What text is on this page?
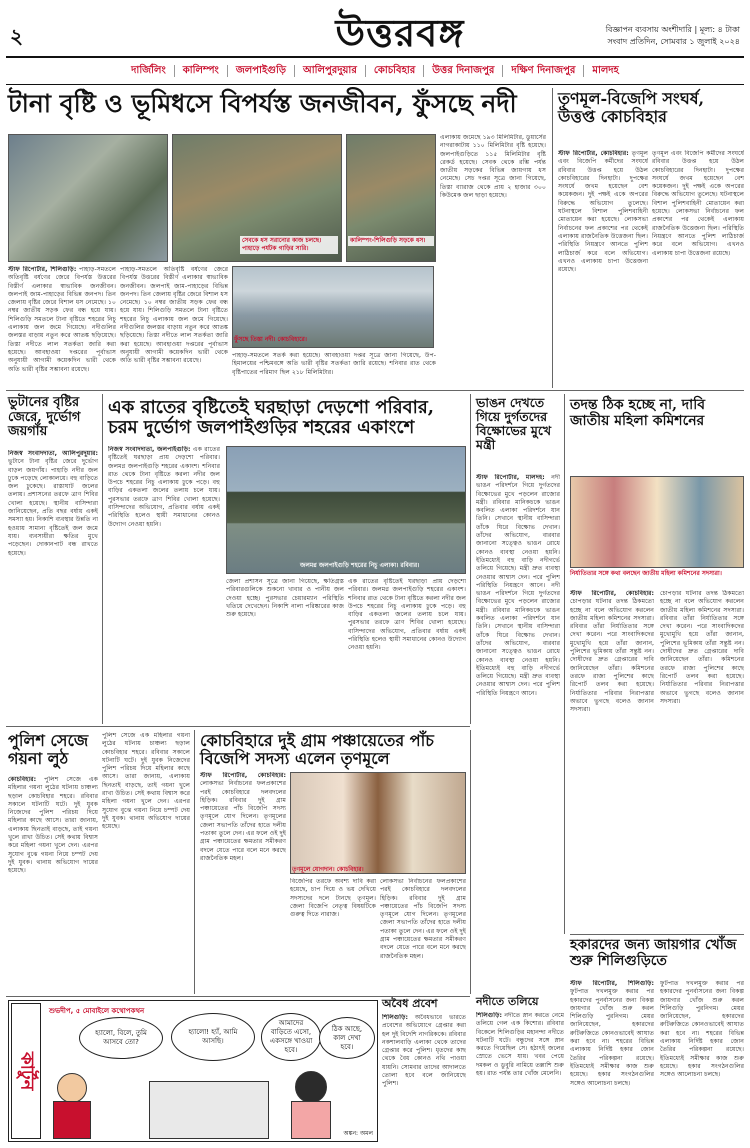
২	উত্তরবঙ্গ	বিজ্ঞাপন ব্যবসায় অংশীদারি | মূল্য: ৪ টাকা
সংবাদ প্রতিদিন, সোমবার ১ জুলাই ২০২৪
দার্জিলিং	কালিম্পং	জলপাইগুড়ি	আলিপুরদুয়ার	কোচবিহার	উত্তর দিনাজপুর	দক্ষিণ দিনাজপুর	মালদহ
টানা বৃষ্টি ও ভূমিধসে বিপর্যস্ত জনজীবন, ফুঁসছে নদী
সেবকে ধস সরানোর কাজ চলছে। পাহাড়ে পর্যটক গাড়ির সারি।
কালিম্পং-শিলিগুড়ি সড়কে ধস।
ফুঁসছে তিস্তা নদী। কোচবিহারে।
স্টাফ রিপোর্টার, শিলিগুড়ি: পাহাড়-সমতলে অতিবৃষ্টি বর্ষণের জেরে বিপর্যস্ত উত্তরের বিস্তীর্ণ এলাকার স্বাভাবিক জনজীবন। জলপাই জাম-পাহাড়ের বিভিন্ন জনপদ। তিন জেলায় বৃষ্টির জেরে বিশাল ধস নেমেছে। ১০ নম্বর জাতীয় সড়ক ফের বন্ধ হয়ে যায়। শিলিগুড়ি সমতলে টানা বৃষ্টিতে শহরের নিচু এলাকায় জল জমে গিয়েছে। নদীগুলির জলস্তর বাড়ায় নতুন করে আতঙ্ক ছড়িয়েছে। তিস্তা নদীতে লাল সতর্কতা জারি করা হয়েছে। আবহাওয়া দপ্তরের পূর্বাভাস অনুযায়ী আগামী কয়েকদিন ভারী থেকে অতি ভারী বৃষ্টির সম্ভাবনা রয়েছে।
পাহাড়-সমতলে অতিবৃষ্টি বর্ষণের জেরে বিপর্যস্ত উত্তরের বিস্তীর্ণ এলাকার স্বাভাবিক জনজীবন। জলপাই জাম-পাহাড়ের বিভিন্ন জনপদ। তিন জেলায় বৃষ্টির জেরে বিশাল ধস নেমেছে। ১০ নম্বর জাতীয় সড়ক ফের বন্ধ হয়ে যায়। শিলিগুড়ি সমতলে টানা বৃষ্টিতে শহরের নিচু এলাকায় জল জমে গিয়েছে। নদীগুলির জলস্তর বাড়ায় নতুন করে আতঙ্ক ছড়িয়েছে। তিস্তা নদীতে লাল সতর্কতা জারি করা হয়েছে। আবহাওয়া দপ্তরের পূর্বাভাস অনুযায়ী আগামী কয়েকদিন ভারী থেকে অতি ভারী বৃষ্টির সম্ভাবনা রয়েছে।
এলাকায় জমেছে ১৯৩ মিলিমিটার, ডুয়ার্সের নাগরাকাটায় ১১০ মিলিমিটার বৃষ্টি হয়েছে। জলপাইগুড়িতে ১১৫ মিলিমিটার বৃষ্টি রেকর্ড হয়েছে। সেবক থেকে রম্ভি পর্যন্ত জাতীয় সড়কের বিভিন্ন জায়গায় ধস নেমেছে। সেচ দপ্তর সূত্রে জানা গিয়েছে, তিস্তা ব্যারাজ থেকে প্রায় ২ হাজার ৩০০ কিউমেক জল ছাড়া হয়েছে।
পাহাড়-সমতলে সতর্ক করা হয়েছে। আবহাওয়া দপ্তর সূত্রে জানা গিয়েছে, উপ-হিমালয়ের পশ্চিমবঙ্গে অতি ভারী বৃষ্টির সতর্কতা জারি রয়েছে। শনিবার রাত থেকে বৃষ্টিপাতের পরিমাণ ছিল ২১৮ মিলিমিটার।
তৃণমূল-বিজেপি সংঘর্ষ, উত্তপ্ত কোচবিহার
স্টাফ রিপোর্টার, কোচবিহার: তৃণমূল এবং বিজেপি কর্মীদের সংঘর্ষে রবিবার উত্তপ্ত হয়ে উঠল কোচবিহারের দিনহাটা। দুপক্ষের সংঘর্ষে জখম হয়েছেন বেশ কয়েকজন। দুই পক্ষই একে অপরের বিরুদ্ধে অভিযোগ তুলেছে। ঘটনাস্থলে বিশাল পুলিশবাহিনী মোতায়েন করা হয়েছে। লোকসভা নির্বাচনের ফল প্রকাশের পর থেকেই এলাকায় রাজনৈতিক উত্তেজনা ছিল। পরিস্থিতি নিয়ন্ত্রণে আনতে পুলিশ লাঠিচার্জ করে বলে অভিযোগ। এখনও এলাকায় চাপা উত্তেজনা রয়েছে।
তৃণমূল এবং বিজেপি কর্মীদের সংঘর্ষে রবিবার উত্তপ্ত হয়ে উঠল কোচবিহারের দিনহাটা। দুপক্ষের সংঘর্ষে জখম হয়েছেন বেশ কয়েকজন। দুই পক্ষই একে অপরের বিরুদ্ধে অভিযোগ তুলেছে। ঘটনাস্থলে বিশাল পুলিশবাহিনী মোতায়েন করা হয়েছে। লোকসভা নির্বাচনের ফল প্রকাশের পর থেকেই এলাকায় রাজনৈতিক উত্তেজনা ছিল। পরিস্থিতি নিয়ন্ত্রণে আনতে পুলিশ লাঠিচার্জ করে বলে অভিযোগ। এখনও এলাকায় চাপা উত্তেজনা রয়েছে।
ভুটানের বৃষ্টির জেরে, দুর্ভোগ জয়গাঁয়
নিজস্ব সংবাদদাতা, আলিপুরদুয়ার: ভুটানে টানা বৃষ্টির জেরে দুর্ভোগ বাড়ল জয়গাঁয়। পাহাড়ি নদীর জল ঢুকে পড়েছে লোকালয়ে। বহু বাড়িতে জল ঢুকেছে। রাস্তাঘাট জলের তলায়। প্রশাসনের তরফে ত্রাণ শিবির খোলা হয়েছে। স্থানীয় বাসিন্দারা জানিয়েছেন, প্রতি বছর বর্ষায় একই সমস্যা হয়। নিকাশি ব্যবস্থার উন্নতি না হওয়ায় সামান্য বৃষ্টিতেই জল জমে যায়। ব্যবসায়ীরা ক্ষতির মুখে পড়েছেন। দোকানপাট বন্ধ রাখতে হয়েছে।
এক রাতের বৃষ্টিতেই ঘরছাড়া দেড়শো পরিবার, চরম দুর্ভোগ জলপাইগুড়ির শহরের একাংশে
নিজস্ব সংবাদদাতা, জলপাইগুড়ি: এক রাতের বৃষ্টিতেই ঘরছাড়া প্রায় দেড়শো পরিবার। জলমগ্ন জলপাইগুড়ি শহরের একাংশ। শনিবার রাত থেকে টানা বৃষ্টিতে করলা নদীর জল উপচে শহরের নিচু এলাকায় ঢুকে পড়ে। বহু বাড়ির একতলা জলের তলায় চলে যায়। পুরসভার তরফে ত্রাণ শিবির খোলা হয়েছে। বাসিন্দাদের অভিযোগ, প্রতিবার বর্ষায় একই পরিস্থিতি হলেও স্থায়ী সমাধানের কোনও উদ্যোগ নেওয়া হয়নি।
জলমগ্ন জলপাইগুড়ি শহরের নিচু এলাকা। রবিবার।
জেলা প্রশাসন সূত্রে জানা গিয়েছে, ক্ষতিগ্রস্ত পরিবারগুলিকে শুকনো খাবার ও পানীয় জল দেওয়া হচ্ছে। পুরসভার চেয়ারম্যান পরিস্থিতি খতিয়ে দেখেছেন। নিকাশি নালা পরিষ্কারের কাজ শুরু হয়েছে।
এক রাতের বৃষ্টিতেই ঘরছাড়া প্রায় দেড়শো পরিবার। জলমগ্ন জলপাইগুড়ি শহরের একাংশ। শনিবার রাত থেকে টানা বৃষ্টিতে করলা নদীর জল উপচে শহরের নিচু এলাকায় ঢুকে পড়ে। বহু বাড়ির একতলা জলের তলায় চলে যায়। পুরসভার তরফে ত্রাণ শিবির খোলা হয়েছে। বাসিন্দাদের অভিযোগ, প্রতিবার বর্ষায় একই পরিস্থিতি হলেও স্থায়ী সমাধানের কোনও উদ্যোগ নেওয়া হয়নি।
ভাঙন দেখতে গিয়ে দুর্গতদের বিক্ষোভের মুখে মন্ত্রী
স্টাফ রিপোর্টার, মালদহ: নদী ভাঙন পরিদর্শনে গিয়ে দুর্গতদের বিক্ষোভের মুখে পড়লেন রাজ্যের মন্ত্রী। রবিবার মানিকচকে ভাঙন কবলিত এলাকা পরিদর্শনে যান তিনি। সেখানে স্থানীয় বাসিন্দারা তাঁকে ঘিরে বিক্ষোভ দেখান। তাঁদের অভিযোগ, বারবার জানানো সত্ত্বেও ভাঙন রোধে কোনও ব্যবস্থা নেওয়া হয়নি। ইতিমধ্যেই বহু বাড়ি নদীগর্ভে তলিয়ে গিয়েছে। মন্ত্রী দ্রুত ব্যবস্থা নেওয়ার আশ্বাস দেন। পরে পুলিশ পরিস্থিতি নিয়ন্ত্রণে আনে। নদী ভাঙন পরিদর্শনে গিয়ে দুর্গতদের বিক্ষোভের মুখে পড়লেন রাজ্যের মন্ত্রী। রবিবার মানিকচকে ভাঙন কবলিত এলাকা পরিদর্শনে যান তিনি। সেখানে স্থানীয় বাসিন্দারা তাঁকে ঘিরে বিক্ষোভ দেখান। তাঁদের অভিযোগ, বারবার জানানো সত্ত্বেও ভাঙন রোধে কোনও ব্যবস্থা নেওয়া হয়নি। ইতিমধ্যেই বহু বাড়ি নদীগর্ভে তলিয়ে গিয়েছে। মন্ত্রী দ্রুত ব্যবস্থা নেওয়ার আশ্বাস দেন। পরে পুলিশ পরিস্থিতি নিয়ন্ত্রণে আনে।
তদন্ত ঠিক হচ্ছে না, দাবি জাতীয় মহিলা কমিশনের
নির্যাতিতার সঙ্গে কথা বলছেন জাতীয় মহিলা কমিশনের সদস্যরা।
স্টাফ রিপোর্টার, কোচবিহার: চোপড়ার ঘটনার তদন্ত ঠিকমতো হচ্ছে না বলে অভিযোগ করলেন জাতীয় মহিলা কমিশনের সদস্যরা। রবিবার তাঁরা নির্যাতিতার সঙ্গে দেখা করেন। পরে সাংবাদিকদের মুখোমুখি হয়ে তাঁরা জানান, পুলিশের ভূমিকায় তাঁরা সন্তুষ্ট নন। দোষীদের দ্রুত গ্রেপ্তারের দাবি জানিয়েছেন তাঁরা। কমিশনের তরফে রাজ্য পুলিশের কাছে রিপোর্ট তলব করা হয়েছে। নির্যাতিতার পরিবার নিরাপত্তার অভাবে ভুগছে বলেও জানান সদস্যরা।
চোপড়ার ঘটনার তদন্ত ঠিকমতো হচ্ছে না বলে অভিযোগ করলেন জাতীয় মহিলা কমিশনের সদস্যরা। রবিবার তাঁরা নির্যাতিতার সঙ্গে দেখা করেন। পরে সাংবাদিকদের মুখোমুখি হয়ে তাঁরা জানান, পুলিশের ভূমিকায় তাঁরা সন্তুষ্ট নন। দোষীদের দ্রুত গ্রেপ্তারের দাবি জানিয়েছেন তাঁরা। কমিশনের তরফে রাজ্য পুলিশের কাছে রিপোর্ট তলব করা হয়েছে। নির্যাতিতার পরিবার নিরাপত্তার অভাবে ভুগছে বলেও জানান সদস্যরা।
পুলিশ সেজে গয়না লুঠ
কোচবিহার: পুলিশ সেজে এক মহিলার গয়না লুঠের ঘটনায় চাঞ্চল্য ছড়াল কোচবিহার শহরে। রবিবার সকালে ঘটনাটি ঘটে। দুই যুবক নিজেদের পুলিশ পরিচয় দিয়ে মহিলার কাছে আসে। তারা জানায়, এলাকায় ছিনতাই বাড়ছে, তাই গয়না খুলে রাখা উচিত। সেই কথায় বিশ্বাস করে মহিলা গয়না খুলে দেন। এরপর সুযোগ বুঝে গয়না নিয়ে চম্পট দেয় দুই যুবক। থানায় অভিযোগ দায়ের হয়েছে।
পুলিশ সেজে এক মহিলার গয়না লুঠের ঘটনায় চাঞ্চল্য ছড়াল কোচবিহার শহরে। রবিবার সকালে ঘটনাটি ঘটে। দুই যুবক নিজেদের পুলিশ পরিচয় দিয়ে মহিলার কাছে আসে। তারা জানায়, এলাকায় ছিনতাই বাড়ছে, তাই গয়না খুলে রাখা উচিত। সেই কথায় বিশ্বাস করে মহিলা গয়না খুলে দেন। এরপর সুযোগ বুঝে গয়না নিয়ে চম্পট দেয় দুই যুবক। থানায় অভিযোগ দায়ের হয়েছে।
কোচবিহারে দুই গ্রাম পঞ্চায়েতের পাঁচ বিজেপি সদস্য এলেন তৃণমূলে
তৃণমূলে যোগদান। কোচবিহার।
স্টাফ রিপোর্টার, কোচবিহার: লোকসভা নির্বাচনের ফলপ্রকাশের পরই কোচবিহারে দলবদলের হিড়িক। রবিবার দুই গ্রাম পঞ্চায়েতের পাঁচ বিজেপি সদস্য তৃণমূলে যোগ দিলেন। তৃণমূলের জেলা সভাপতি তাঁদের হাতে দলীয় পতাকা তুলে দেন। এর ফলে ওই দুই গ্রাম পঞ্চায়েতের ক্ষমতার সমীকরণ বদলে যেতে পারে বলে মনে করছে রাজনৈতিক মহল।
বিজেপির তরফে অবশ্য দাবি করা হয়েছে, চাপ দিয়ে ও ভয় দেখিয়ে সদস্যদের দলে টানছে তৃণমূল। জেলা বিজেপি নেতৃত্ব বিষয়টিকে গুরুত্ব দিতে নারাজ।
লোকসভা নির্বাচনের ফলপ্রকাশের পরই কোচবিহারে দলবদলের হিড়িক। রবিবার দুই গ্রাম পঞ্চায়েতের পাঁচ বিজেপি সদস্য তৃণমূলে যোগ দিলেন। তৃণমূলের জেলা সভাপতি তাঁদের হাতে দলীয় পতাকা তুলে দেন। এর ফলে ওই দুই গ্রাম পঞ্চায়েতের ক্ষমতার সমীকরণ বদলে যেতে পারে বলে মনে করছে রাজনৈতিক মহল।
নদীতে তলিয়ে
হকারদের জন্য জায়গার খোঁজ শুরু শিলিগুড়িতে
স্টাফ রিপোর্টার, শিলিগুড়ি: ফুটপাত দখলমুক্ত করার পর হকারদের পুনর্বাসনের জন্য বিকল্প জায়গার খোঁজ শুরু করল শিলিগুড়ি পুরনিগম। মেয়র জানিয়েছেন, হকারদের রুটিরুজিতে কোনওভাবেই আঘাত করা হবে না। শহরের বিভিন্ন এলাকায় নির্দিষ্ট হকার জোন তৈরির পরিকল্পনা রয়েছে। ইতিমধ্যেই সমীক্ষার কাজ শুরু হয়েছে। হকার সংগঠনগুলির সঙ্গেও আলোচনা চলছে।
ফুটপাত দখলমুক্ত করার পর হকারদের পুনর্বাসনের জন্য বিকল্প জায়গার খোঁজ শুরু করল শিলিগুড়ি পুরনিগম। মেয়র জানিয়েছেন, হকারদের রুটিরুজিতে কোনওভাবেই আঘাত করা হবে না। শহরের বিভিন্ন এলাকায় নির্দিষ্ট হকার জোন তৈরির পরিকল্পনা রয়েছে। ইতিমধ্যেই সমীক্ষার কাজ শুরু হয়েছে। হকার সংগঠনগুলির সঙ্গেও আলোচনা চলছে।
শিলিগুড়ি: নদীতে স্নান করতে নেমে তলিয়ে গেল এক কিশোর। রবিবার বিকেলে শিলিগুড়ির মহানন্দা নদীতে ঘটনাটি ঘটে। বন্ধুদের সঙ্গে স্নান করতে গিয়েছিল সে। হঠাৎই জলের স্রোতে ভেসে যায়। খবর পেয়ে দমকল ও ডুবুরি নামিয়ে তল্লাশি শুরু হয়। রাত পর্যন্ত তার খোঁজ মেলেনি।
অবৈধ প্রবেশ
শিলিগুড়ি: অবৈধভাবে ভারতে প্রবেশের অভিযোগে গ্রেপ্তার করা হল দুই বিদেশি নাগরিককে। রবিবার নকশালবাড়ি এলাকা থেকে তাদের গ্রেপ্তার করে পুলিশ। ধৃতদের কাছ থেকে বৈধ কোনও নথি পাওয়া যায়নি। সোমবার তাদের আদালতে তোলা হবে বলে জানিয়েছে পুলিশ।
কার্টুন
শুভদীপ, ৫ মোবাইলে কথোপকথন
হ্যালো, বিলে, তুমি আসবে তো?
হ্যালো! হ্যাঁ, আমি আসছি।
আমাদের বাড়িতে এসো, একসঙ্গে খাওয়া হবে।
ঠিক আছে, কাল দেখা হবে।
অঙ্কন: অমল
